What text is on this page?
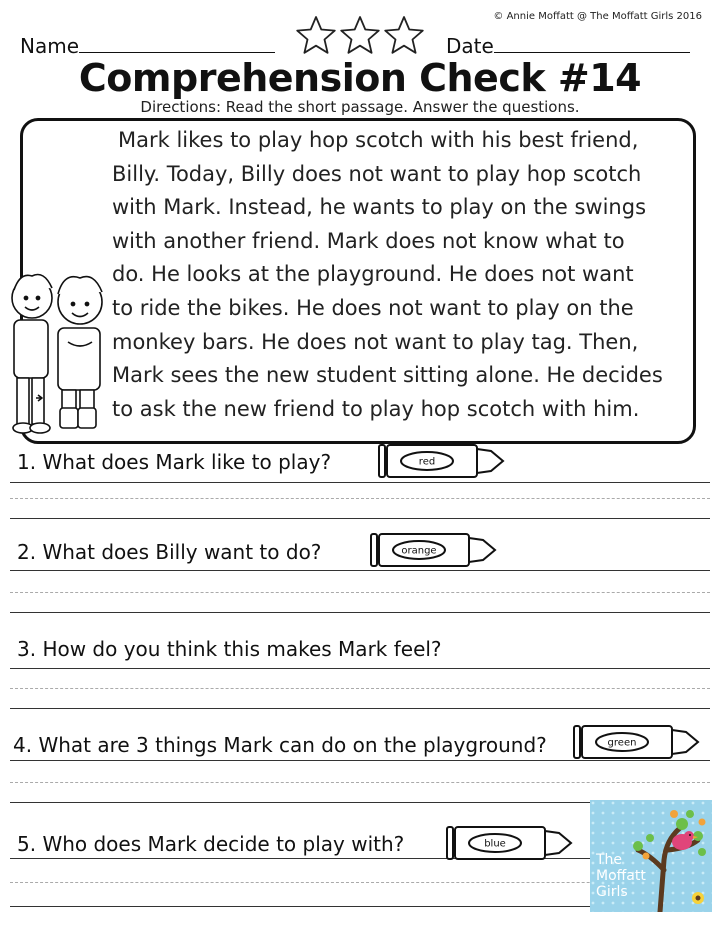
© Annie Moffatt @ The Moffatt Girls 2016
Name	Date
Comprehension Check #14
Directions: Read the short passage. Answer the questions.
Mark likes to play hop scotch with his best friend,
Billy. Today, Billy does not want to play hop scotch
with Mark. Instead, he wants to play on the swings
with another friend. Mark does not know what to
do. He looks at the playground. He does not want
to ride the bikes. He does not want to play on the
monkey bars. He does not want to play tag. Then,
Mark sees the new student sitting alone. He decides
to ask the new friend to play hop scotch with him.
1. What does Mark like to play?	red
2. What does Billy want to do?	orange
3. How do you think this makes Mark feel?
4. What are 3 things Mark can do on the playground?	green
5. Who does Mark decide to play with?	blue
The
Moffatt
Girls
